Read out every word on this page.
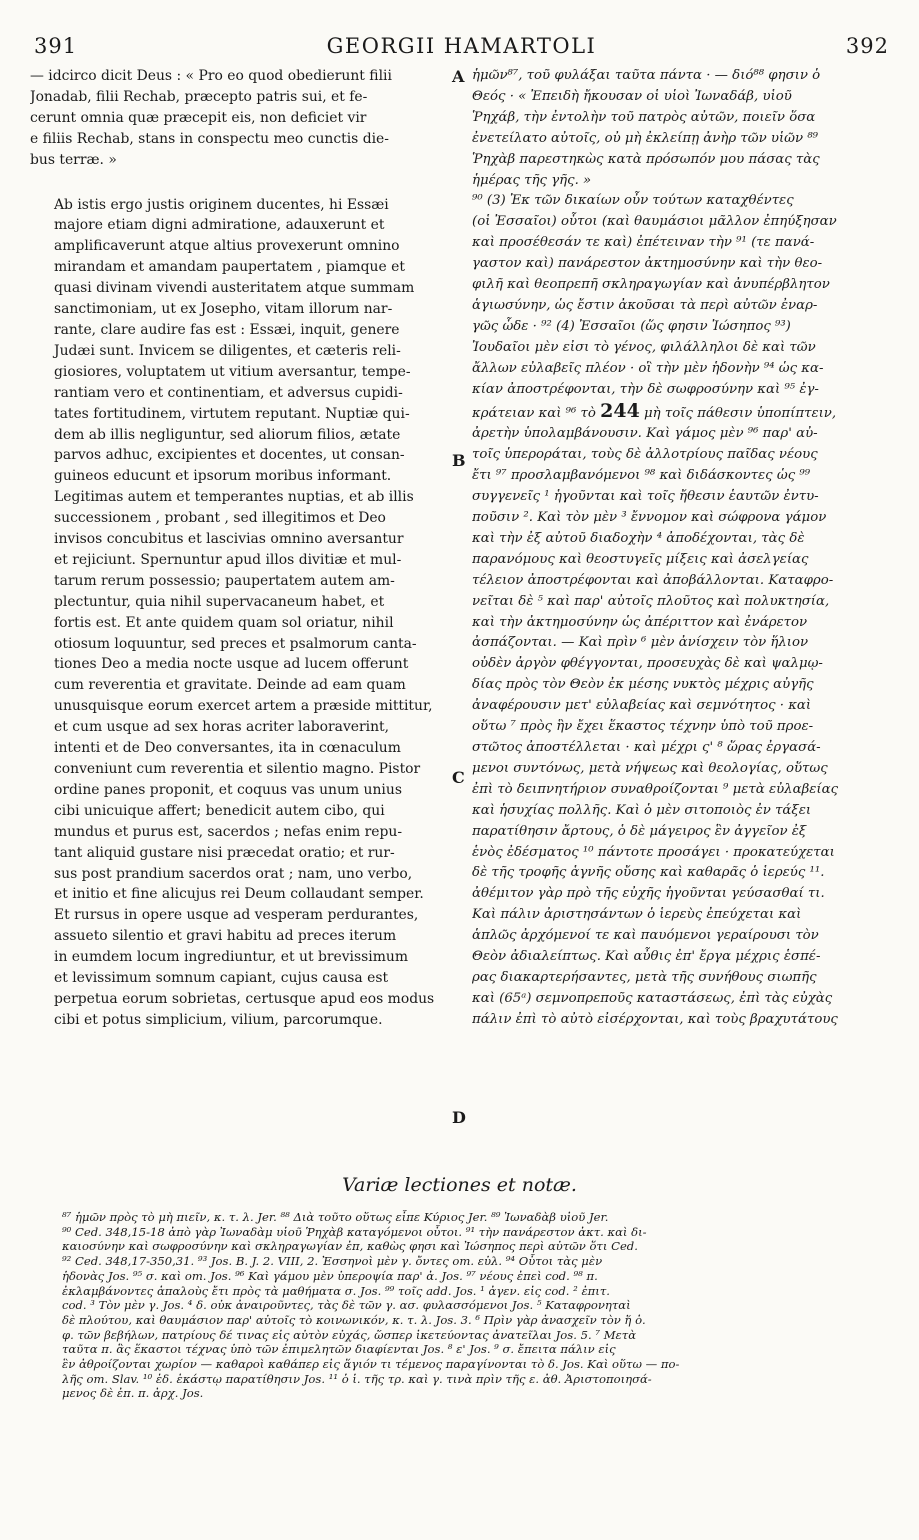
391	GEORGII HAMARTOLI	392

— idcirco dicit Deus : « Pro eo quod obedierunt filii
Jonadab, filii Rechab, præcepto patris sui, et fe-
cerunt omnia quæ præcepit eis, non deficiet vir
e filiis Rechab, stans in conspectu meo cunctis die-
bus terræ. »

Ab istis ergo justis originem ducentes, hi Essæi
majore etiam digni admiratione, adauxerunt et
amplificaverunt atque altius provexerunt omnino
mirandam et amandam paupertatem , piamque et
quasi divinam vivendi austeritatem atque summam
sanctimoniam, ut ex Josepho, vitam illorum nar-
rante, clare audire fas est : Essæi, inquit, genere
Judæi sunt. Invicem se diligentes, et cæteris reli-
giosiores, voluptatem ut vitium aversantur, tempe-
rantiam vero et continentiam, et adversus cupidi-
tates fortitudinem, virtutem reputant. Nuptiæ qui-
dem ab illis negliguntur, sed aliorum filios, ætate
parvos adhuc, excipientes et docentes, ut consan-
guineos educunt et ipsorum moribus informant.
Legitimas autem et temperantes nuptias, et ab illis
successionem , probant , sed illegitimos et Deo
invisos concubitus et lascivias omnino aversantur
et rejiciunt. Spernuntur apud illos divitiæ et mul-
tarum rerum possessio; paupertatem autem am-
plectuntur, quia nihil supervacaneum habet, et
fortis est. Et ante quidem quam sol oriatur, nihil
otiosum loquuntur, sed preces et psalmorum canta-
tiones Deo a media nocte usque ad lucem offerunt
cum reverentia et gravitate. Deinde ad eam quam
unusquisque eorum exercet artem a præside mittitur,
et cum usque ad sex horas acriter laboraverint,
intenti et de Deo conversantes, ita in cœnaculum
conveniunt cum reverentia et silentio magno. Pistor
ordine panes proponit, et coquus vas unum unius
cibi unicuique affert; benedicit autem cibo, qui
mundus et purus est, sacerdos ; nefas enim repu-
tant aliquid gustare nisi præcedat oratio; et rur-
sus post prandium sacerdos orat ; nam, uno verbo,
et initio et fine alicujus rei Deum collaudant semper.
Et rursus in opere usque ad vesperam perdurantes,
assueto silentio et gravi habitu ad preces iterum
in eumdem locum ingrediuntur, et ut brevissimum
et levissimum somnum capiant, cujus causa est
perpetua eorum sobrietas, certusque apud eos modus
cibi et potus simplicium, vilium, parcorumque.

A
B
C
D
ἡμῶν⁸⁷, τοῦ φυλάξαι ταῦτα πάντα · — διό⁸⁸ φησιν ὁ
Θεός · « Ἐπειδὴ ἤκουσαν οἱ υἱοὶ Ἰωναδάβ, υἱοῦ
Ῥηχάβ, τὴν ἐντολὴν τοῦ πατρὸς αὐτῶν, ποιεῖν ὅσα
ἐνετείλατο αὐτοῖς, οὐ μὴ ἐκλείπῃ ἀνὴρ τῶν υἱῶν ⁸⁹
Ῥηχὰβ παρεστηκὼς κατὰ πρόσωπόν μου πάσας τὰς
ἡμέρας τῆς γῆς. »
⁹⁰ (3) Ἐκ τῶν δικαίων οὖν τούτων καταχθέντες
(οἱ Ἐσσαῖοι) οὗτοι (καὶ θαυμάσιοι μᾶλλον ἐπηύξησαν
καὶ προσέθεσάν τε καὶ) ἐπέτειναν τὴν ⁹¹ (τε πανά-
γαστον καὶ) πανάρεστον ἀκτημοσύνην καὶ τὴν θεο-
φιλῆ καὶ θεοπρεπῆ σκληραγωγίαν καὶ ἀνυπέρβλητον
ἁγιωσύνην, ὡς ἔστιν ἀκοῦσαι τὰ περὶ αὐτῶν ἐναρ-
γῶς ὧδε · ⁹² (4) Ἐσσαῖοι (ὥς φησιν Ἰώσηπος ⁹³)
Ἰουδαῖοι μὲν εἰσι τὸ γένος, φιλάλληλοι δὲ καὶ τῶν
ἄλλων εὐλαβεῖς πλέον · οἳ τὴν μὲν ἡδονὴν ⁹⁴ ὡς κα-
κίαν ἀποστρέφονται, τὴν δὲ σωφροσύνην καὶ ⁹⁵ ἐγ-
κράτειαν καὶ ⁹⁶ τὸ 244 μὴ τοῖς πάθεσιν ὑποπίπτειν,
ἀρετὴν ὑπολαμβάνουσιν. Καὶ γάμος μὲν ⁹⁶ παρ' αὐ-
τοῖς ὑπεροράται, τοὺς δὲ ἀλλοτρίους παῖδας νέους
ἔτι ⁹⁷ προσλαμβανόμενοι ⁹⁸ καὶ διδάσκοντες ὡς ⁹⁹
συγγενεῖς ¹ ἡγοῦνται καὶ τοῖς ἤθεσιν ἑαυτῶν ἐντυ-
ποῦσιν ². Καὶ τὸν μὲν ³ ἔννομον καὶ σώφρονα γάμον
καὶ τὴν ἐξ αὐτοῦ διαδοχὴν ⁴ ἀποδέχονται, τὰς δὲ
παρανόμους καὶ θεοστυγεῖς μίξεις καὶ ἀσελγείας
τέλειον ἀποστρέφονται καὶ ἀποβάλλονται. Καταφρο-
νεῖται δὲ ⁵ καὶ παρ' αὐτοῖς πλοῦτος καὶ πολυκτησία,
καὶ τὴν ἀκτημοσύνην ὡς ἀπέριττον καὶ ἐνάρετον
ἀσπάζονται. — Καὶ πρὶν ⁶ μὲν ἀνίσχειν τὸν ἥλιον
οὐδὲν ἀργὸν φθέγγονται, προσευχὰς δὲ καὶ ψαλμῳ-
δίας πρὸς τὸν Θεὸν ἐκ μέσης νυκτὸς μέχρις αὐγῆς
ἀναφέρουσιν μετ' εὐλαβείας καὶ σεμνότητος · καὶ
οὕτω ⁷ πρὸς ἣν ἔχει ἕκαστος τέχνην ὑπὸ τοῦ προε-
στῶτος ἀποστέλλεται · καὶ μέχρι ς' ⁸ ὥρας ἐργασά-
μενοι συντόνως, μετὰ νήψεως καὶ θεολογίας, οὕτως
ἐπὶ τὸ δειπνητήριον συναθροίζονται ⁹ μετὰ εὐλαβείας
καὶ ἡσυχίας πολλῆς. Καὶ ὁ μὲν σιτοποιὸς ἐν τάξει
παρατίθησιν ἄρτους, ὁ δὲ μάγειρος ἓν ἀγγεῖον ἐξ
ἑνὸς ἐδέσματος ¹⁰ πάντοτε προσάγει · προκατεύχεται
δὲ τῆς τροφῆς ἁγνῆς οὔσης καὶ καθαρᾶς ὁ ἱερεύς ¹¹.
ἀθέμιτον γὰρ πρὸ τῆς εὐχῆς ἡγοῦνται γεύσασθαί τι.
Καὶ πάλιν ἀριστησάντων ὁ ἱερεὺς ἐπεύχεται καὶ
ἁπλῶς ἀρχόμενοί τε καὶ παυόμενοι γεραίρουσι τὸν
Θεὸν ἀδιαλείπτως. Καὶ αὖθις ἐπ' ἔργα μέχρις ἑσπέ-
ρας διακαρτερήσαντες, μετὰ τῆς συνήθους σιωπῆς
καὶ (65ᵃ) σεμνοπρεποῦς καταστάσεως, ἐπὶ τὰς εὐχὰς
πάλιν ἐπὶ τὸ αὐτὸ εἰσέρχονται, καὶ τοὺς βραχυτάτους
Variæ lectiones et notæ.
⁸⁷ ἡμῶν πρὸς τὸ μὴ πιεῖν, κ. τ. λ. Jer. ⁸⁸ Διὰ τοῦτο οὕτως εἶπε Κύριος Jer. ⁸⁹ Ἰωναδὰβ υἱοῦ Jer.
⁹⁰ Ced. 348,15-18 ἀπὸ γὰρ Ἰωναδὰμ υἱοῦ Ῥηχὰβ καταγόμενοι οὗτοι. ⁹¹ τὴν πανάρεστον ἀκτ. καὶ δι-
καιοσύνην καὶ σωφροσύνην καὶ σκληραγωγίαν ἐπ, καθὼς φησι καὶ Ἰώσηπος περὶ αὐτῶν ὅτι Ced.
⁹² Ced. 348,17-350,31. ⁹³ Jos. B. J. 2. VIII, 2. Ἐσσηνοὶ μὲν γ. ὄντες om. εὐλ. ⁹⁴ Οὗτοι τὰς μὲν
ἡδονὰς Jos. ⁹⁵ σ. καὶ om. Jos. ⁹⁶ Καὶ γάμου μὲν ὑπεροψία παρ' ἀ. Jos. ⁹⁷ νέους ἐπεὶ cod. ⁹⁸ π.
ἐκλαμβάνοντες ἁπαλοὺς ἔτι πρὸς τὰ μαθήματα σ. Jos. ⁹⁹ τοῖς add. Jos. ¹ ἀγεν. εἰς cod. ² ἐπιτ.
cod. ³ Τὸν μὲν γ. Jos. ⁴ δ. οὐκ ἀναιροῦντες, τὰς δὲ τῶν γ. ασ. φυλασσόμενοι Jos. ⁵ Καταφρονηταὶ
δὲ πλούτου, καὶ θαυμάσιον παρ' αὐτοῖς τὸ κοινωνικόν, κ. τ. λ. Jos. 3. ⁶ Πρὶν γὰρ ἀνασχεῖν τὸν ἥ ὁ.
φ. τῶν βεβήλων, πατρίους δέ τινας εἰς αὐτὸν εὐχάς, ὥσπερ ἱκετεύοντας ἀνατεῖλαι Jos. 5. ⁷ Μετὰ
ταῦτα π. ἃς ἕκαστοι τέχνας ὑπὸ τῶν ἐπιμελητῶν διαφίενται Jos. ⁸ ε' Jos. ⁹ σ. ἔπειτα πάλιν εἰς
ἓν ἀθροίζονται χωρίον — καθαροὶ καθάπερ εἰς ἅγιόν τι τέμενος παραγίνονται τὸ δ. Jos. Καὶ οὕτω — πο-
λῆς om. Slav. ¹⁰ ἑδ. ἑκάστῳ παρατίθησιν Jos. ¹¹ ὁ ἱ. τῆς τρ. καὶ γ. τινὰ πρὶν τῆς ε. ἀθ. Ἀριστοποιησά-
μενος δὲ ἐπ. π. ἀρχ. Jos.
